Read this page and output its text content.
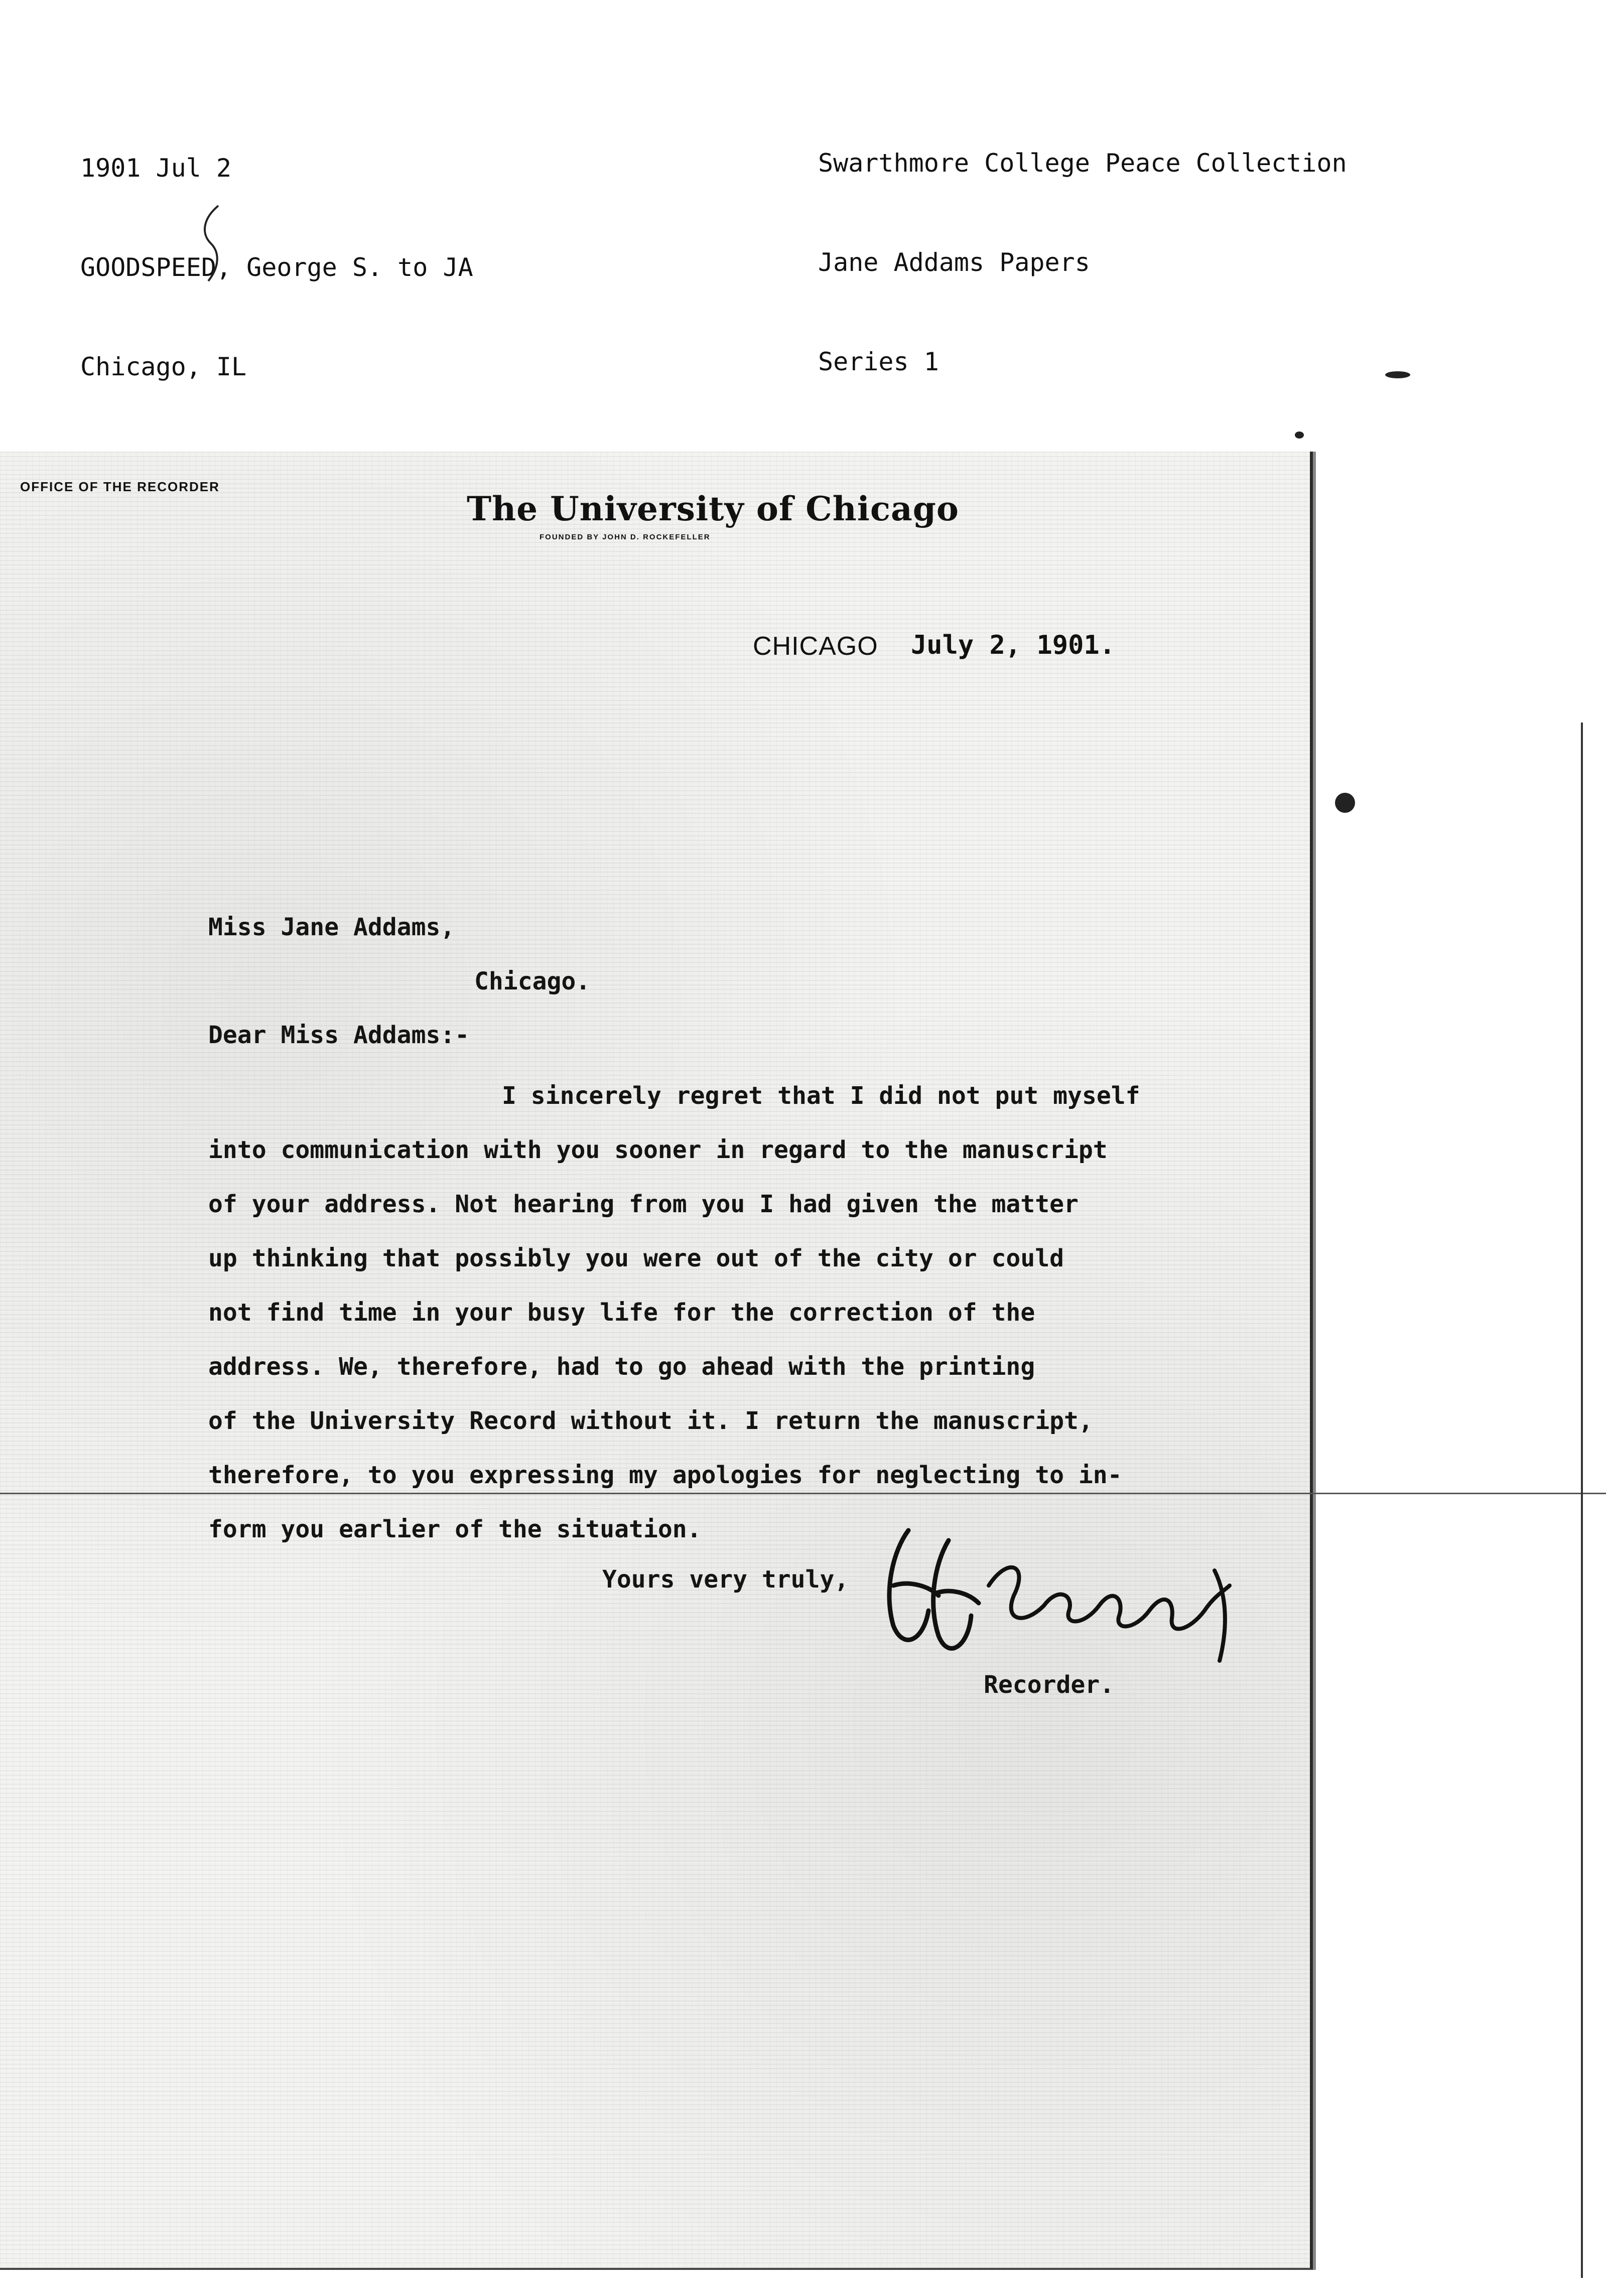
1901 Jul 2

GOODSPEED, George S. to JA

Chicago, IL

Swarthmore College Peace Collection

Jane Addams Papers

Series 1

OFFICE OF THE RECORDER
The University of Chicago
FOUNDED BY JOHN D. ROCKEFELLER
CHICAGO July 2, 1901.
Miss Jane Addams,
Chicago.
Dear Miss Addams:-
I sincerely regret that I did not put myself
into communication with you sooner in regard to the manuscript
of your address. Not hearing from you I had given the matter
up thinking that possibly you were out of the city or could
not find time in your busy life for the correction of the
address. We, therefore, had to go ahead with the printing
of the University Record without it. I return the manuscript,
therefore, to you expressing my apologies for neglecting to in-
form you earlier of the situation.
Yours very truly,
Recorder.
